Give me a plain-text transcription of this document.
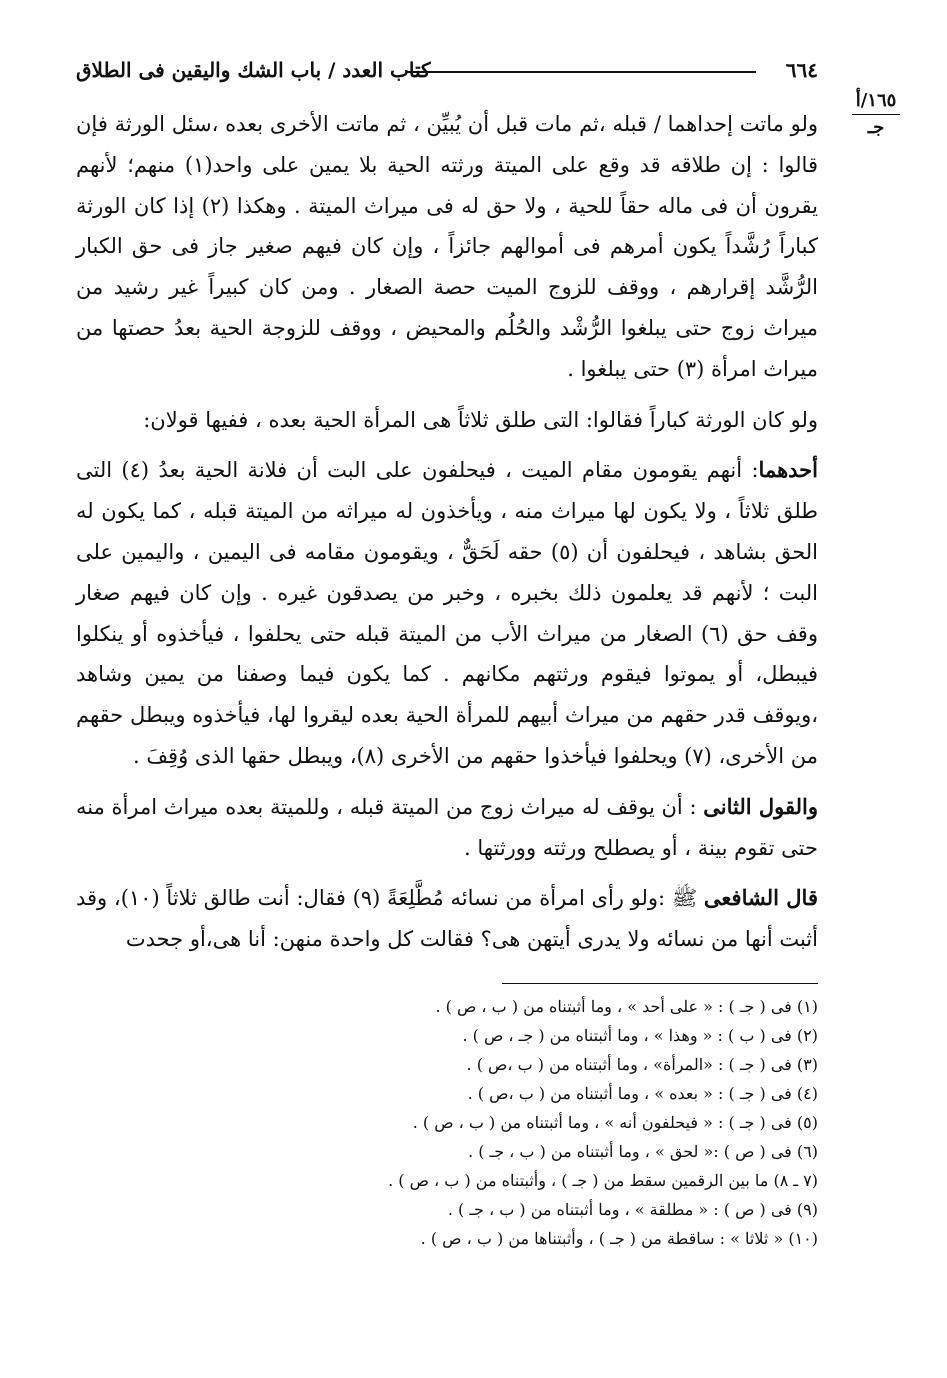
٦٦٤
كتاب العدد / باب الشك واليقين فى الطلاق
١٦٥/أ
جـ

ولو ماتت إحداهما / قبله ،ثم مات قبل أن يُبيِّن ، ثم ماتت الأخرى بعده ،سئل الورثة فإن قالوا : إن طلاقه قد وقع على الميتة ورثته الحية بلا يمين على واحد(١) منهم؛ لأنهم يقرون أن فى ماله حقاً للحية ، ولا حق له فى ميراث الميتة . وهكذا (٢) إذا كان الورثة كباراً رُشَّداً يكون أمرهم فى أموالهم جائزاً ، وإن كان فيهم صغير جاز فى حق الكبار الرُّشَّد إقرارهم ، ووقف للزوج الميت حصة الصغار . ومن كان كبيراً غير رشيد من ميراث زوج حتى يبلغوا الرُّشْد والحُلُم والمحيض ، ووقف للزوجة الحية بعدُ حصتها من ميراث امرأة (٣) حتى يبلغوا .

ولو كان الورثة كباراً فقالوا: التى طلق ثلاثاً هى المرأة الحية بعده ، ففيها قولان:

أحدهما: أنهم يقومون مقام الميت ، فيحلفون على البت أن فلانة الحية بعدُ (٤) التى طلق ثلاثاً ، ولا يكون لها ميراث منه ، ويأخذون له ميراثه من الميتة قبله ، كما يكون له الحق بشاهد ، فيحلفون أن (٥) حقه لَحَقٌّ ، ويقومون مقامه فى اليمين ، واليمين على البت ؛ لأنهم قد يعلمون ذلك بخبره ، وخبر من يصدقون غيره . وإن كان فيهم صغار وقف حق (٦) الصغار من ميراث الأب من الميتة قبله حتى يحلفوا ، فيأخذوه أو ينكلوا فيبطل، أو يموتوا فيقوم ورثتهم مكانهم . كما يكون فيما وصفنا من يمين وشاهد ،ويوقف قدر حقهم من ميراث أبيهم للمرأة الحية بعده ليقروا لها، فيأخذوه ويبطل حقهم من الأخرى، (٧) ويحلفوا فيأخذوا حقهم من الأخرى (٨)، ويبطل حقها الذى وُقِفَ .

والقول الثانى : أن يوقف له ميراث زوج من الميتة قبله ، وللميتة بعده ميراث امرأة منه حتى تقوم بينة ، أو يصطلح ورثته وورثتها .

قال الشافعى ﷺ :ولو رأى امرأة من نسائه مُطَّلِعَةً (٩) فقال: أنت طالق ثلاثاً (١٠)، وقد أثبت أنها من نسائه ولا يدرى أيتهن هى؟ فقالت كل واحدة منهن: أنا هى،أو جحدت

(١) فى ( جـ ) : « على أحد » ، وما أثبتناه من ( ب ، ص ) .
(٢) فى ( ب ) : « وهذا » ، وما أثبتناه من ( جـ ، ص ) .
(٣) فى ( جـ ) : «المرأة» ، وما أثبتناه من ( ب ،ص ) .
(٤) فى ( جـ ) : « بعده » ، وما أثبتناه من ( ب ،ص ) .
(٥) فى ( جـ ) : « فيحلفون أنه » ، وما أثبتناه من ( ب ، ص ) .
(٦) فى ( ص ) :« لحق » ، وما أثبتناه من ( ب ، جـ ) .
(٧ ـ ٨) ما بين الرقمين سقط من ( جـ ) ، وأثبتناه من ( ب ، ص ) .
(٩) فى ( ص ) : « مطلقة » ، وما أثبتناه من ( ب ، جـ ) .
(١٠) « ثلاثا » : ساقطة من ( جـ ) ، وأثبتناها من ( ب ، ص ) .
